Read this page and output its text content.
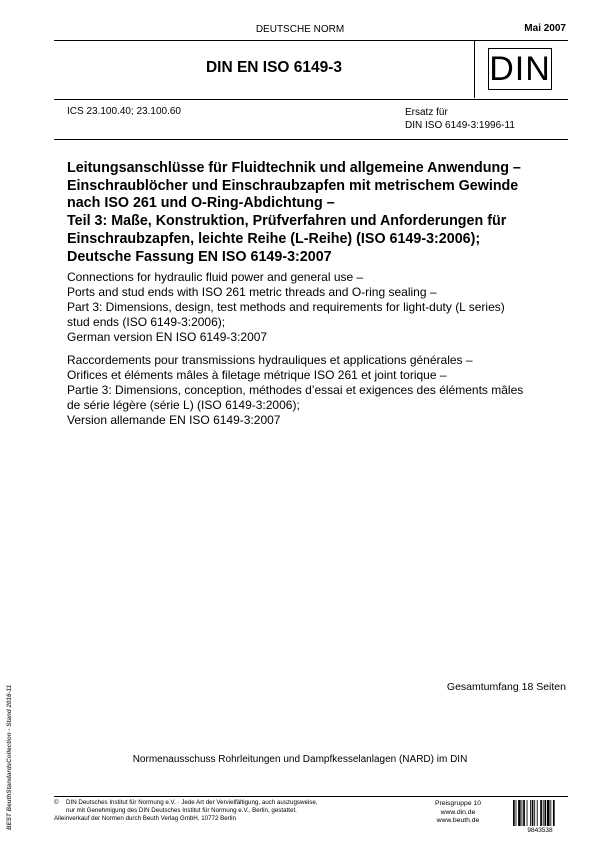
DEUTSCHE NORM	Mai 2007
DIN EN ISO 6149-3	DIN
ICS 23.100.40; 23.100.60	Ersatz für
DIN ISO 6149-3:1996-11
Leitungsanschlüsse für Fluidtechnik und allgemeine Anwendung –
Einschraublöcher und Einschraubzapfen mit metrischem Gewinde
nach ISO 261 und O-Ring-Abdichtung –
Teil 3: Maße, Konstruktion, Prüfverfahren und Anforderungen für
Einschraubzapfen, leichte Reihe (L-Reihe) (ISO 6149-3:2006);
Deutsche Fassung EN ISO 6149-3:2007
Connections for hydraulic fluid power and general use –
Ports and stud ends with ISO 261 metric threads and O-ring sealing –
Part 3: Dimensions, design, test methods and requirements for light-duty (L series)
stud ends (ISO 6149-3:2006);
German version EN ISO 6149-3:2007
Raccordements pour transmissions hydrauliques et applications générales –
Orifices et éléments mâles à filetage métrique ISO 261 et joint torique –
Partie 3: Dimensions, conception, méthodes d’essai et exigences des éléments mâles
de série légère (série L) (ISO 6149-3:2006);
Version allemande EN ISO 6149-3:2007
Gesamtumfang 18 Seiten
Normenausschuss Rohrleitungen und Dampfkesselanlagen (NARD) im DIN
© DIN Deutsches Institut für Normung e.V. · Jede Art der Vervielfältigung, auch auszugsweise,
nur mit Genehmigung des DIN Deutsches Institut für Normung e.V., Berlin, gestattet.
Alleinverkauf der Normen durch Beuth Verlag GmbH, 10772 Berlin
Preisgruppe 10
www.din.de
www.beuth.de
9843538
BEST BeuthStandardsCollection - Stand 2016-11
